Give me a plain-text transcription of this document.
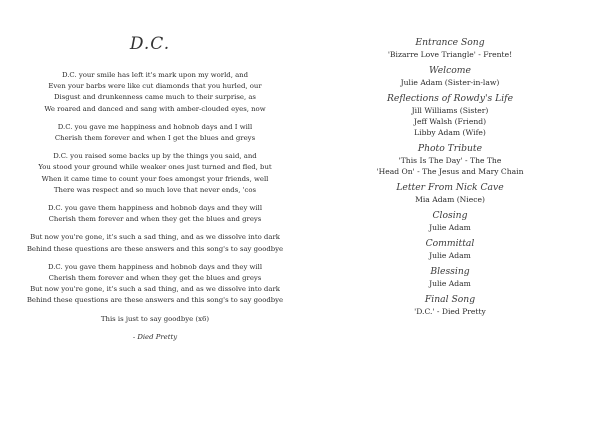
D.C.
D.C. your smile has left it's mark upon my world, and
Even your barbs were like cut diamonds that you hurled, our
Disgust and drunkenness came much to their surprise, as
We roared and danced and sang with amber-clouded eyes, now
D.C. you gave me happiness and hobnob days and I will
Cherish them forever and when I get the blues and greys
D.C. you raised some backs up by the things you said, and
You stood your ground while weaker ones just turned and fled, but
When it came time to count your foes amongst your friends, well
There was respect and so much love that never ends, 'cos
D.C. you gave them happiness and hobnob days and they will
Cherish them forever and when they get the blues and greys
But now you're gone, it's such a sad thing, and as we dissolve into dark
Behind these questions are these answers and this song's to say goodbye
D.C. you gave them happiness and hobnob days and they will
Cherish them forever and when they get the blues and greys
But now you're gone, it's such a sad thing, and as we dissolve into dark
Behind these questions are these answers and this song's to say goodbye
This is just to say goodbye (x6)
- Died Pretty
Entrance Song
'Bizarre Love Triangle' - Frente!
Welcome
Julie Adam (Sister-in-law)
Reflections of Rowdy's Life
Jill Williams (Sister)
Jeff Walsh (Friend)
Libby Adam (Wife)
Photo Tribute
'This Is The Day' - The The
'Head On' - The Jesus and Mary Chain
Letter From Nick Cave
Mia Adam (Niece)
Closing
Julie Adam
Committal
Julie Adam
Blessing
Julie Adam
Final Song
'D.C.' - Died Pretty
